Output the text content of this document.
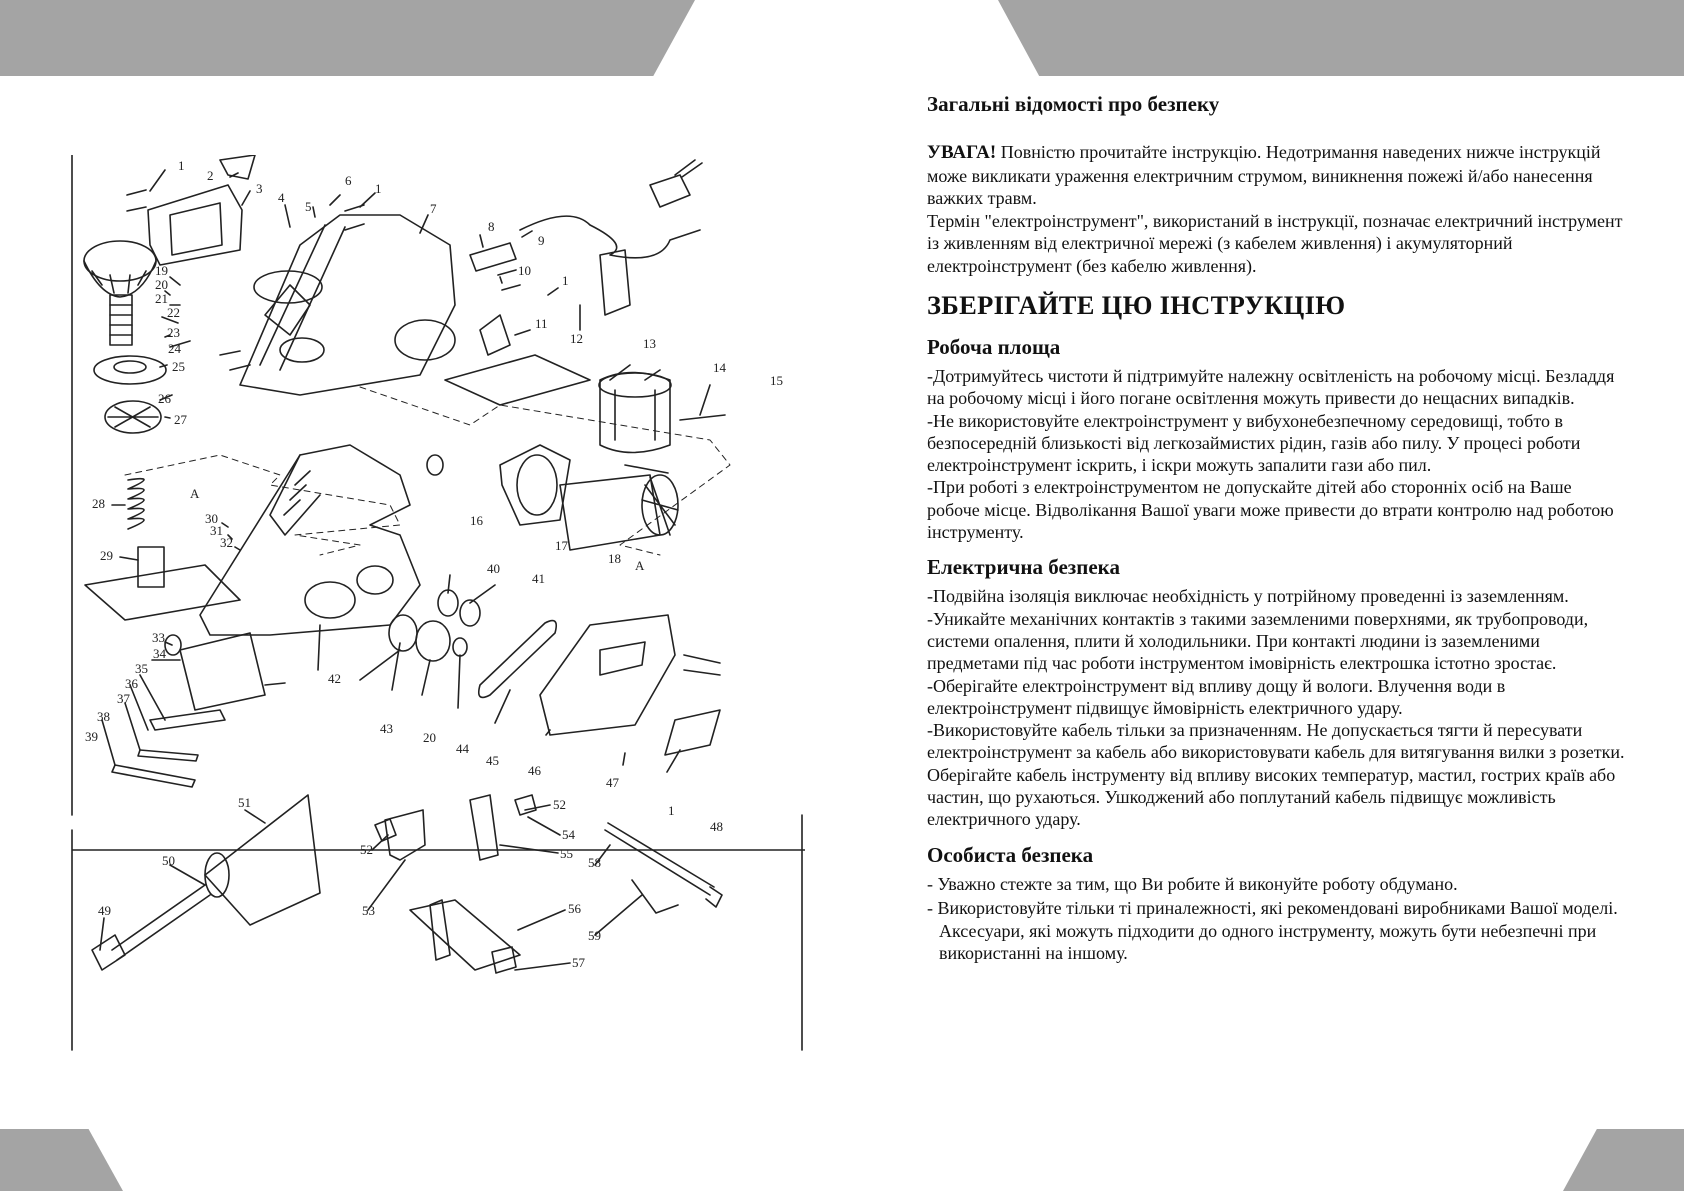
1
2
3
4
5
6
1
7
8
9
10
1
11
12	13
14
15
16
17
18
19
20
21
22
23
24
25
26
27
28
29
30
31
32
33
34
35
36
37
38
39
40
41
42
43
20
44
45
46
47
1
48
49
50
51
52
53
52
54
55
56
57
58
59
A
A
Загальні відомості про безпеку

УВАГА! Повністю прочитайте інструкцію. Недотримання наведених нижче інструкцій може викликати ураження електричним струмом, виникнення пожежі й/або нанесення важких травм.

Термін "електроінструмент", використаний в інструкції, позначає електричний інструмент із живленням від електричної мережі (з кабелем живлення) і акумуляторний електроінструмент (без кабелю живлення).

ЗБЕРІГАЙТЕ ЦЮ ІНСТРУКЦІЮ
Робоча площа

-Дотримуйтесь чистоти й підтримуйте належну освітленість на робочому місці. Безладдя на робочому місці і його погане освітлення можуть привести до нещасних випадків.
-Не використовуйте електроінструмент у вибухонебезпечному середовищі, тобто в безпосередній близькості від легкозаймистих рідин, газів або пилу. У процесі роботи електроінструмент іскрить, і іскри можуть запалити гази або пил.
-При роботі з електроінструментом не допускайте дітей або сторонніх осіб на Ваше робоче місце. Відволікання Вашої уваги може привести до втрати контролю над роботою інструменту.

Електрична безпека

-Подвійна ізоляція виключає необхідність у потрійному проведенні із заземленням.
-Уникайте механічних контактів з такими заземленими поверхнями, як трубопроводи, системи опалення, плити й холодильники. При контакті людини із заземленими предметами під час роботи інструментом імовірність електрошка істотно зростає.
-Оберігайте електроінструмент від впливу дощу й вологи. Влучення води в електроінструмент підвищує ймовірність електричного удару.
-Використовуйте кабель тільки за призначенням. Не допускається тягти й пересувати електроінструмент за кабель або використовувати кабель для витягування вилки з розетки. Оберігайте кабель інструменту від впливу високих температур, мастил, гострих країв або частин, що рухаються. Ушкоджений або поплутаний кабель підвищує можливість електричного удару.

Особиста безпека

- Уважно стежте за тим, що Ви робите й виконуйте роботу обдумано.

- Використовуйте тільки ті приналежності, які рекомендовані виробниками Вашої моделі. Аксесуари, які можуть підходити до одного інструменту, можуть бути небезпечні при використанні на іншому.
